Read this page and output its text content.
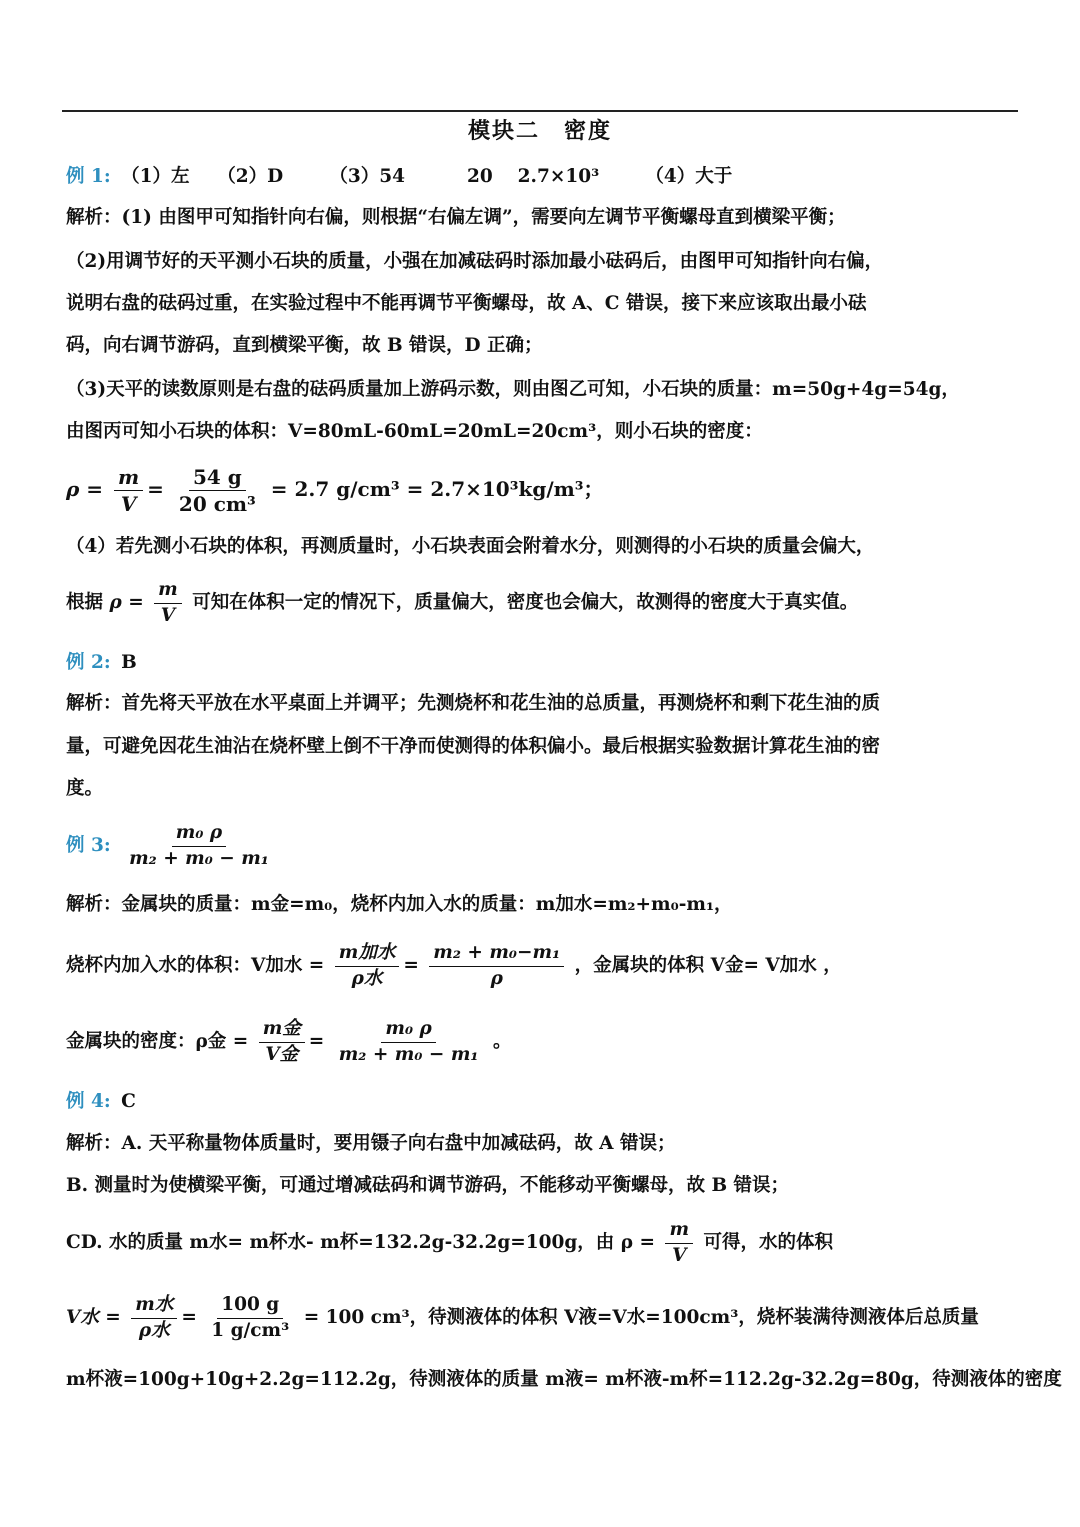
模块二　密度
例 1: （1）左　　（2）D　　　（3）54　　　 20　 2.7×10³　　　（4）大于
解析：(1) 由图甲可知指针向右偏，则根据“右偏左调”，需要向左调节平衡螺母直到横梁平衡；
（2)用调节好的天平测小石块的质量，小强在加减砝码时添加最小砝码后，由图甲可知指针向右偏，
说明右盘的砝码过重，在实验过程中不能再调节平衡螺母，故 A、C 错误，接下来应该取出最小砝
码，向右调节游码，直到横梁平衡，故 B 错误，D 正确；
（3)天平的读数原则是右盘的砝码质量加上游码示数，则由图乙可知，小石块的质量：m=50g+4g=54g，
由图丙可知小石块的体积：V=80mL-60mL=20mL=20cm³，则小石块的密度：
$\rho = \frac{m}{V} = \frac{54 g}{\text{20 cm³}} = 2.7$ g/cm³ = 2.7×10³kg/m³；
（4）若先测小石块的体积，再测质量时，小石块表面会附着水分，则测得的小石块的质量会偏大，
根据 $\rho = \frac{m}{V}$ 可知在体积一定的情况下，质量偏大，密度也会偏大，故测得的密度大于真实值。
例 2: B
解析：首先将天平放在水平桌面上并调平；先测烧杯和花生油的总质量，再测烧杯和剩下花生油的质
量，可避免因花生油沾在烧杯壁上倒不干净而使测得的体积偏小。最后根据实验数据计算花生油的密
度。
例 3: $\frac{\text{m₀ ρ}}{\text{m₂ + m₀ − m₁}}$
解析：金属块的质量：m金=m₀，烧杯内加入水的质量：m加水=m₂+m₀-m₁，
烧杯内加入水的体积：V加水 = $\frac{\text{m加水}}{\text{ρ水}} = \frac{\text{m₂ + m₀−m₁}}{\rho}$ ，金属块的体积 V金= V加水 ，
金属块的密度：ρ金 = $\frac{\text{m金}}{\text{V金}} = \frac{\text{m₀ ρ}}{\text{m₂ + m₀ − m₁}}$ 。
例 4: C
解析：A. 天平称量物体质量时，要用镊子向右盘中加减砝码，故 A 错误；
B. 测量时为使横梁平衡，可通过增减砝码和调节游码，不能移动平衡螺母，故 B 错误；
CD. 水的质量 m水= m杯水- m杯=132.2g-32.2g=100g，由 $\rho = \frac{m}{V}$ 可得，水的体积
V水 = $\frac{\text{m水}}{\text{ρ水}} = \frac{100 g}{\text{1 g/cm³}} = 100$ cm³，待测液体的体积 V液=V水=100cm³，烧杯装满待测液体后总质量
m杯液=100g+10g+2.2g=112.2g，待测液体的质量 m液= m杯液-m杯=112.2g-32.2g=80g，待测液体的密度
